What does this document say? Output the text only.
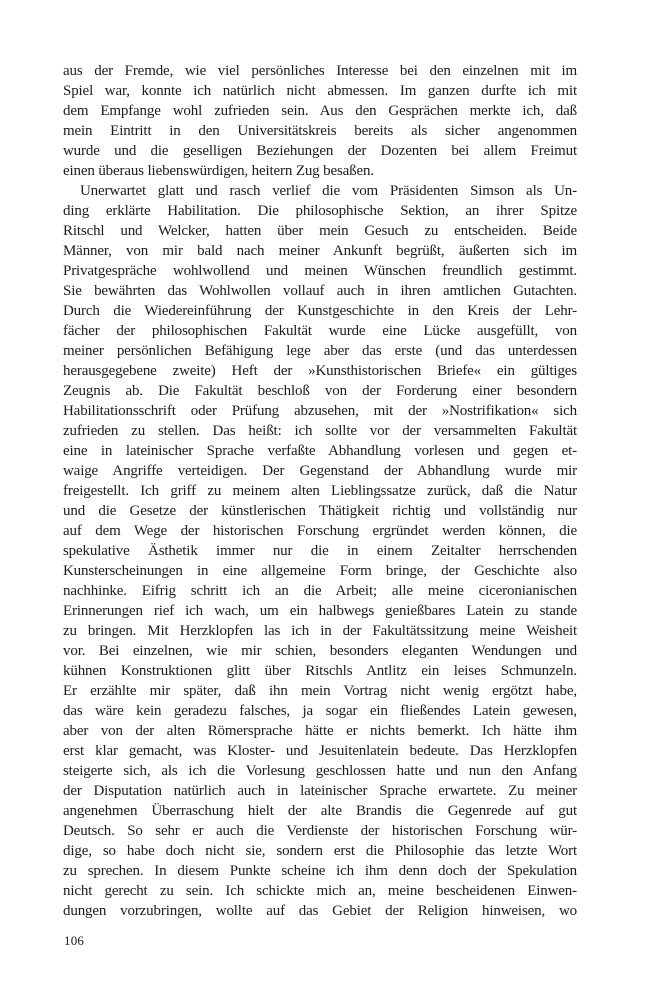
aus der Fremde, wie viel persönliches Interesse bei den einzelnen mit im
Spiel war, konnte ich natürlich nicht abmessen. Im ganzen durfte ich mit
dem Empfange wohl zufrieden sein. Aus den Gesprächen merkte ich, daß
mein Eintritt in den Universitätskreis bereits als sicher angenommen
wurde und die geselligen Beziehungen der Dozenten bei allem Freimut
einen überaus liebenswürdigen, heitern Zug besaßen.
Unerwartet glatt und rasch verlief die vom Präsidenten Simson als Un-
ding erklärte Habilitation. Die philosophische Sektion, an ihrer Spitze
Ritschl und Welcker, hatten über mein Gesuch zu entscheiden. Beide
Männer, von mir bald nach meiner Ankunft begrüßt, äußerten sich im
Privatgespräche wohlwollend und meinen Wünschen freundlich gestimmt.
Sie bewährten das Wohlwollen vollauf auch in ihren amtlichen Gutachten.
Durch die Wiedereinführung der Kunstgeschichte in den Kreis der Lehr-
fächer der philosophischen Fakultät wurde eine Lücke ausgefüllt, von
meiner persönlichen Befähigung lege aber das erste (und das unterdessen
herausgegebene zweite) Heft der »Kunsthistorischen Briefe« ein gültiges
Zeugnis ab. Die Fakultät beschloß von der Forderung einer besondern
Habilitationsschrift oder Prüfung abzusehen, mit der »Nostrifikation« sich
zufrieden zu stellen. Das heißt: ich sollte vor der versammelten Fakultät
eine in lateinischer Sprache verfaßte Abhandlung vorlesen und gegen et-
waige Angriffe verteidigen. Der Gegenstand der Abhandlung wurde mir
freigestellt. Ich griff zu meinem alten Lieblingssatze zurück, daß die Natur
und die Gesetze der künstlerischen Thätigkeit richtig und vollständig nur
auf dem Wege der historischen Forschung ergründet werden können, die
spekulative Ästhetik immer nur die in einem Zeitalter herrschenden
Kunsterscheinungen in eine allgemeine Form bringe, der Geschichte also
nachhinke. Eifrig schritt ich an die Arbeit; alle meine ciceronianischen
Erinnerungen rief ich wach, um ein halbwegs genießbares Latein zu stande
zu bringen. Mit Herzklopfen las ich in der Fakultätssitzung meine Weisheit
vor. Bei einzelnen, wie mir schien, besonders eleganten Wendungen und
kühnen Konstruktionen glitt über Ritschls Antlitz ein leises Schmunzeln.
Er erzählte mir später, daß ihn mein Vortrag nicht wenig ergötzt habe,
das wäre kein geradezu falsches, ja sogar ein fließendes Latein gewesen,
aber von der alten Römersprache hätte er nichts bemerkt. Ich hätte ihm
erst klar gemacht, was Kloster- und Jesuitenlatein bedeute. Das Herzklopfen
steigerte sich, als ich die Vorlesung geschlossen hatte und nun den Anfang
der Disputation natürlich auch in lateinischer Sprache erwartete. Zu meiner
angenehmen Überraschung hielt der alte Brandis die Gegenrede auf gut
Deutsch. So sehr er auch die Verdienste der historischen Forschung wür-
dige, so habe doch nicht sie, sondern erst die Philosophie das letzte Wort
zu sprechen. In diesem Punkte scheine ich ihm denn doch der Spekulation
nicht gerecht zu sein. Ich schickte mich an, meine bescheidenen Einwen-
dungen vorzubringen, wollte auf das Gebiet der Religion hinweisen, wo
106
